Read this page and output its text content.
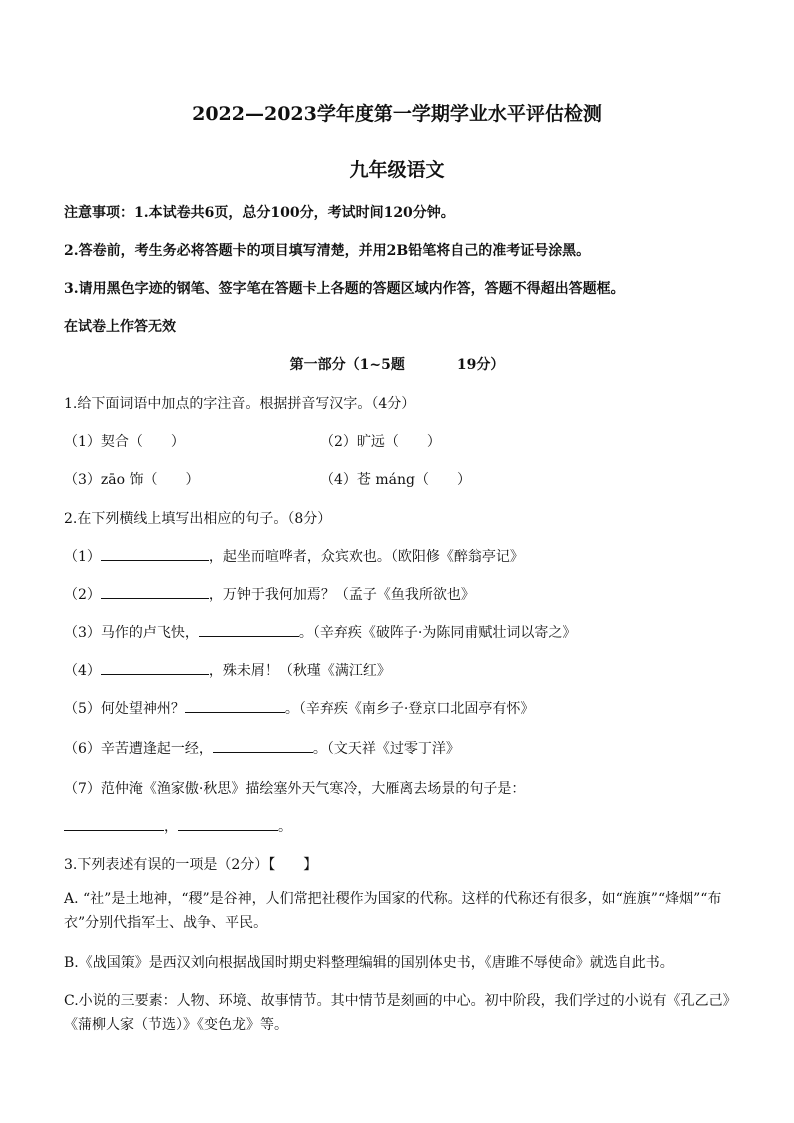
2022—2023学年度第一学期学业水平评估检测
九年级语文
注意事项：1.本试卷共6页，总分100分，考试时间120分钟。
2.答卷前，考生务必将答题卡的项目填写清楚，并用2B铅笔将自己的准考证号涂黑。
3.请用黑色字迹的钢笔、签字笔在答题卡上各题的答题区域内作答，答题不得超出答题框。
在试卷上作答无效
第一部分（1~5题	19分）
1.给下面词语中加点的字注音。根据拼音写汉字。（4分）
（1）契合（　　）	（2）旷远（　　）
（3）zāo 饰（　　）	（4）苍 máng（　　）
2.在下列横线上填写出相应的句子。（8分）
（1）	，起坐而喧哗者，众宾欢也。（欧阳修《醉翁亭记》
（2）	，万钟于我何加焉？（孟子《鱼我所欲也》
（3）马作的卢飞快，	。（辛弃疾《破阵子·为陈同甫赋壮词以寄之》
（4）	，殊未屑！（秋瑾《满江红》
（5）何处望神州？	。（辛弃疾《南乡子·登京口北固亭有怀》
（6）辛苦遭逢起一经，	。（文天祥《过零丁洋》
（7）范仲淹《渔家傲·秋思》描绘塞外天气寒冷，大雁离去场景的句子是：
，	。
3.下列表述有误的一项是（2分）【　　】
A. “社”是土地神，“稷”是谷神，人们常把社稷作为国家的代称。这样的代称还有很多，如“旌旗”“烽烟”“布衣”分别代指军士、战争、平民。
B.《战国策》是西汉刘向根据战国时期史料整理编辑的国别体史书，《唐雎不辱使命》就选自此书。
C.小说的三要素：人物、环境、故事情节。其中情节是刻画的中心。初中阶段，我们学过的小说有《孔乙己》《蒲柳人家（节选）》《变色龙》等。
